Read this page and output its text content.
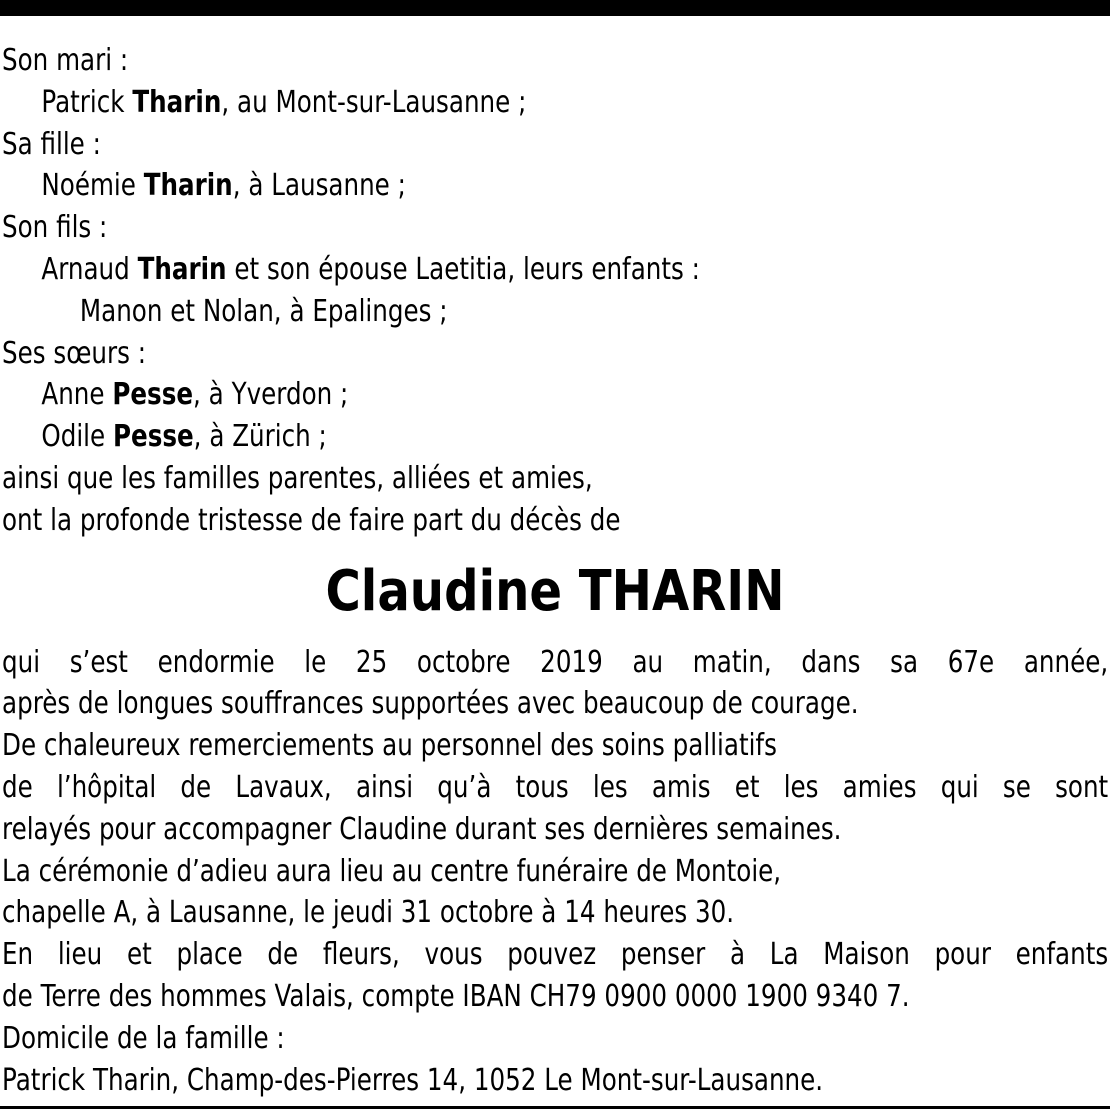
Son mari :
Patrick Tharin, au Mont-sur-Lausanne ;
Sa fille :
Noémie Tharin, à Lausanne ;
Son fils :
Arnaud Tharin et son épouse Laetitia, leurs enfants :
Manon et Nolan, à Epalinges ;
Ses sœurs :
Anne Pesse, à Yverdon ;
Odile Pesse, à Zürich ;
ainsi que les familles parentes, alliées et amies,
ont la profonde tristesse de faire part du décès de
Claudine THARIN
qui s’est endormie le 25 octobre 2019 au matin, dans sa 67e année,
après de longues souffrances supportées avec beaucoup de courage.
De chaleureux remerciements au personnel des soins palliatifs
de l’hôpital de Lavaux, ainsi qu’à tous les amis et les amies qui se sont
relayés pour accompagner Claudine durant ses dernières semaines.
La cérémonie d’adieu aura lieu au centre funéraire de Montoie,
chapelle A, à Lausanne, le jeudi 31 octobre à 14 heures 30.
En lieu et place de fleurs, vous pouvez penser à La Maison pour enfants
de Terre des hommes Valais, compte IBAN CH79 0900 0000 1900 9340 7.
Domicile de la famille :
Patrick Tharin, Champ-des-Pierres 14, 1052 Le Mont-sur-Lausanne.
